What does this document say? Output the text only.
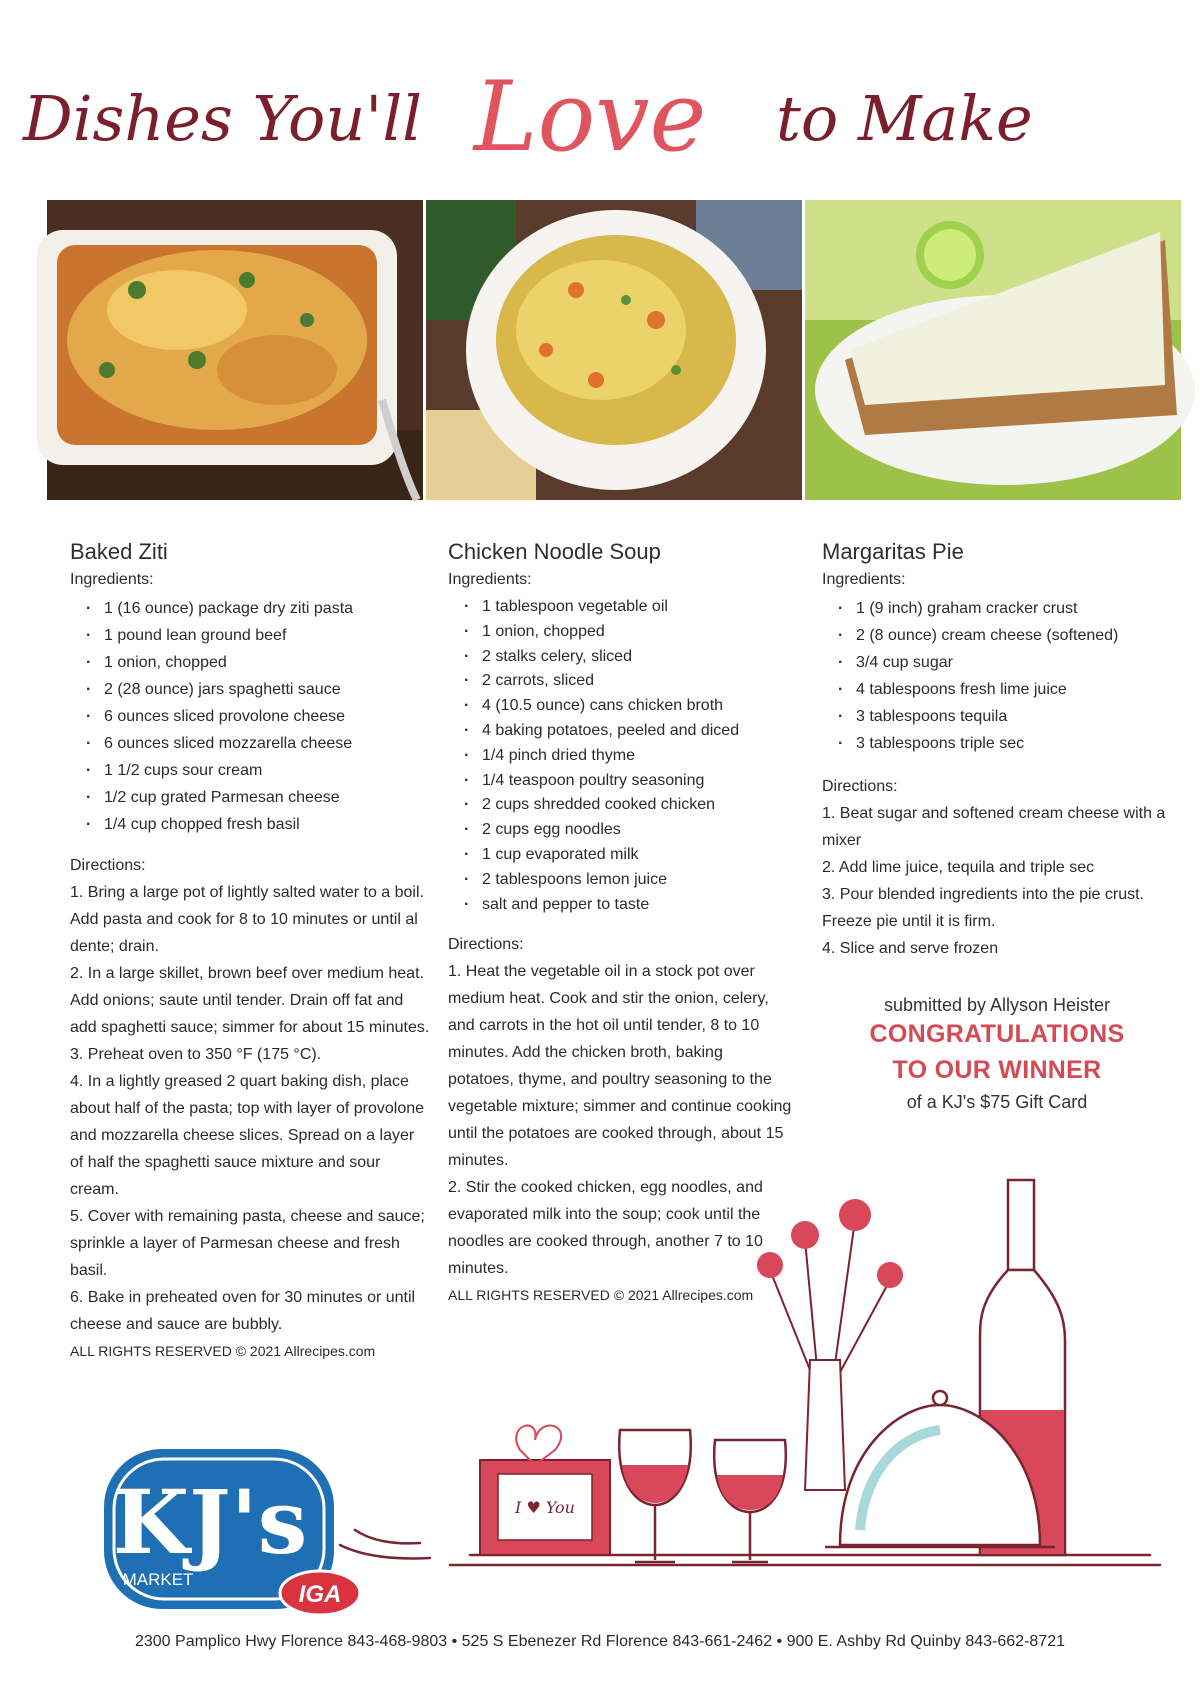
Dishes You'll Love to Make
Baked Ziti

Ingredients:

· 1 (16 ounce) package dry ziti pasta
· 1 pound lean ground beef
· 1 onion, chopped
· 2 (28 ounce) jars spaghetti sauce
· 6 ounces sliced provolone cheese
· 6 ounces sliced mozzarella cheese
· 1 1/2 cups sour cream
· 1/2 cup grated Parmesan cheese
· 1/4 cup chopped fresh basil

Directions:

1. Bring a large pot of lightly salted water to a boil. Add pasta and cook for 8 to 10 minutes or until al dente; drain.

2. In a large skillet, brown beef over medium heat. Add onions; saute until tender. Drain off fat and add spaghetti sauce; simmer for about 15 minutes.

3. Preheat oven to 350 °F (175 °C).

4. In a lightly greased 2 quart baking dish, place about half of the pasta; top with layer of provolone and mozzarella cheese slices. Spread on a layer of half the spaghetti sauce mixture and sour cream.

5. Cover with remaining pasta, cheese and sauce; sprinkle a layer of Parmesan cheese and fresh basil.

6. Bake in preheated oven for 30 minutes or until cheese and sauce are bubbly.

ALL RIGHTS RESERVED © 2021 Allrecipes.com

Chicken Noodle Soup

Ingredients:

· 1 tablespoon vegetable oil
· 1 onion, chopped
· 2 stalks celery, sliced
· 2 carrots, sliced
· 4 (10.5 ounce) cans chicken broth
· 4 baking potatoes, peeled and diced
· 1/4 pinch dried thyme
· 1/4 teaspoon poultry seasoning
· 2 cups shredded cooked chicken
· 2 cups egg noodles
· 1 cup evaporated milk
· 2 tablespoons lemon juice
· salt and pepper to taste

Directions:

1. Heat the vegetable oil in a stock pot over medium heat. Cook and stir the onion, celery, and carrots in the hot oil until tender, 8 to 10 minutes. Add the chicken broth, baking potatoes, thyme, and poultry seasoning to the vegetable mixture; simmer and continue cooking until the potatoes are cooked through, about 15 minutes.

2. Stir the cooked chicken, egg noodles, and evaporated milk into the soup; cook until the noodles are cooked through, another 7 to 10 minutes.

ALL RIGHTS RESERVED © 2021 Allrecipes.com

Margaritas Pie

Ingredients:

· 1 (9 inch) graham cracker crust
· 2 (8 ounce) cream cheese (softened)
· 3/4 cup sugar
· 4 tablespoons fresh lime juice
· 3 tablespoons tequila
· 3 tablespoons triple sec

Directions:

1. Beat sugar and softened cream cheese with a mixer

2. Add lime juice, tequila and triple sec

3. Pour blended ingredients into the pie crust. Freeze pie until it is firm.

4. Slice and serve frozen

submitted by Allyson Heister
CONGRATULATIONS
TO OUR WINNER
of a KJ's $75 Gift Card
I ♥ You
KJ's
MARKET
IGA
2300 Pamplico Hwy Florence 843-468-9803 • 525 S Ebenezer Rd Florence 843-661-2462 • 900 E. Ashby Rd Quinby 843-662-8721
